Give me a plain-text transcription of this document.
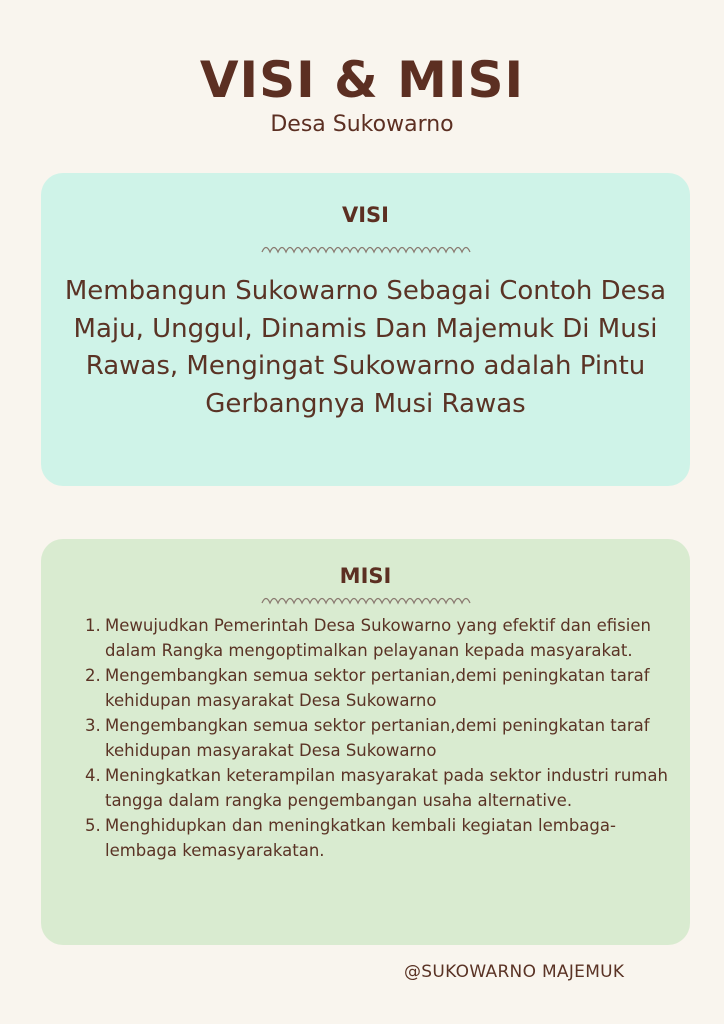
VISI & MISI
Desa Sukowarno
VISI
Membangun Sukowarno Sebagai Contoh Desa Maju, Unggul, Dinamis Dan Majemuk Di Musi Rawas, Mengingat Sukowarno adalah Pintu Gerbangnya Musi Rawas
MISI
1. Mewujudkan Pemerintah Desa Sukowarno yang efektif dan efisien dalam Rangka mengoptimalkan pelayanan kepada masyarakat.
2. Mengembangkan semua sektor pertanian,demi peningkatan taraf kehidupan masyarakat Desa Sukowarno
3. Mengembangkan semua sektor pertanian,demi peningkatan taraf kehidupan masyarakat Desa Sukowarno
4. Meningkatkan keterampilan masyarakat pada sektor industri rumah tangga dalam rangka pengembangan usaha alternative.
5. Menghidupkan dan meningkatkan kembali kegiatan lembaga-lembaga kemasyarakatan.
@SUKOWARNO MAJEMUK
